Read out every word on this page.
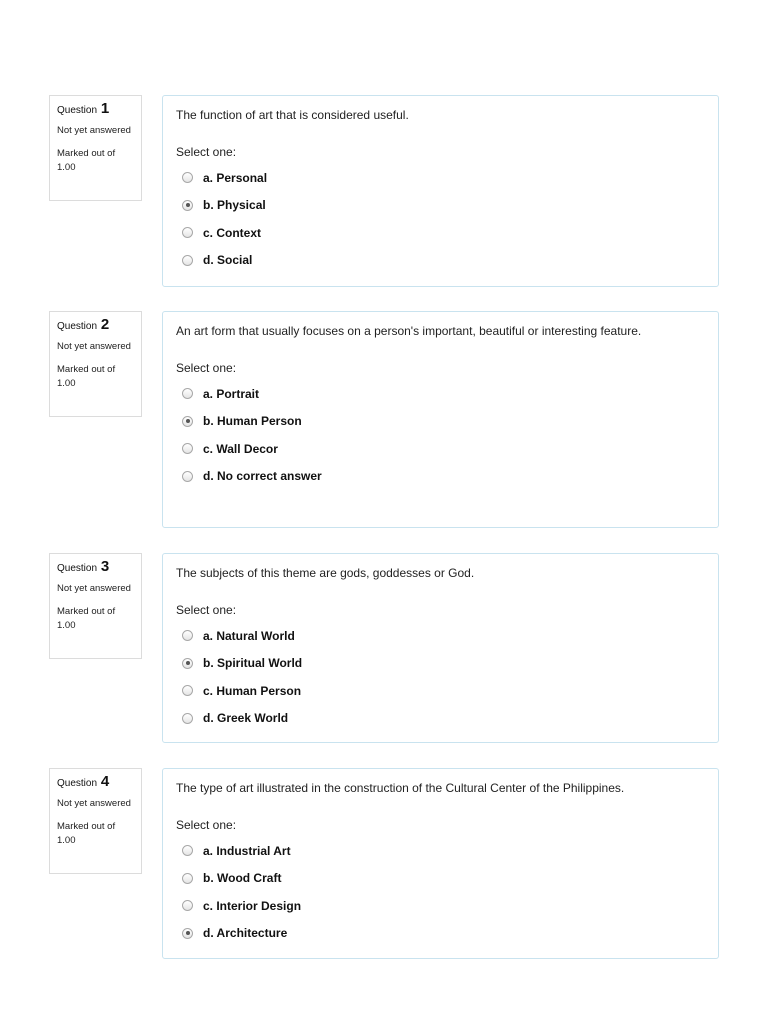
Question 1
Not yet answered
Marked out of 1.00
The function of art that is considered useful.
Select one:
a. Personal
b. Physical
c. Context
d. Social
Question 2
Not yet answered
Marked out of 1.00
An art form that usually focuses on a person's important, beautiful or interesting feature.
Select one:
a. Portrait
b. Human Person
c. Wall Decor
d. No correct answer
Question 3
Not yet answered
Marked out of 1.00
The subjects of this theme are gods, goddesses or God.
Select one:
a. Natural World
b. Spiritual World
c. Human Person
d. Greek World
Question 4
Not yet answered
Marked out of 1.00
The type of art illustrated in the construction of the Cultural Center of the Philippines.
Select one:
a. Industrial Art
b. Wood Craft
c. Interior Design
d. Architecture
